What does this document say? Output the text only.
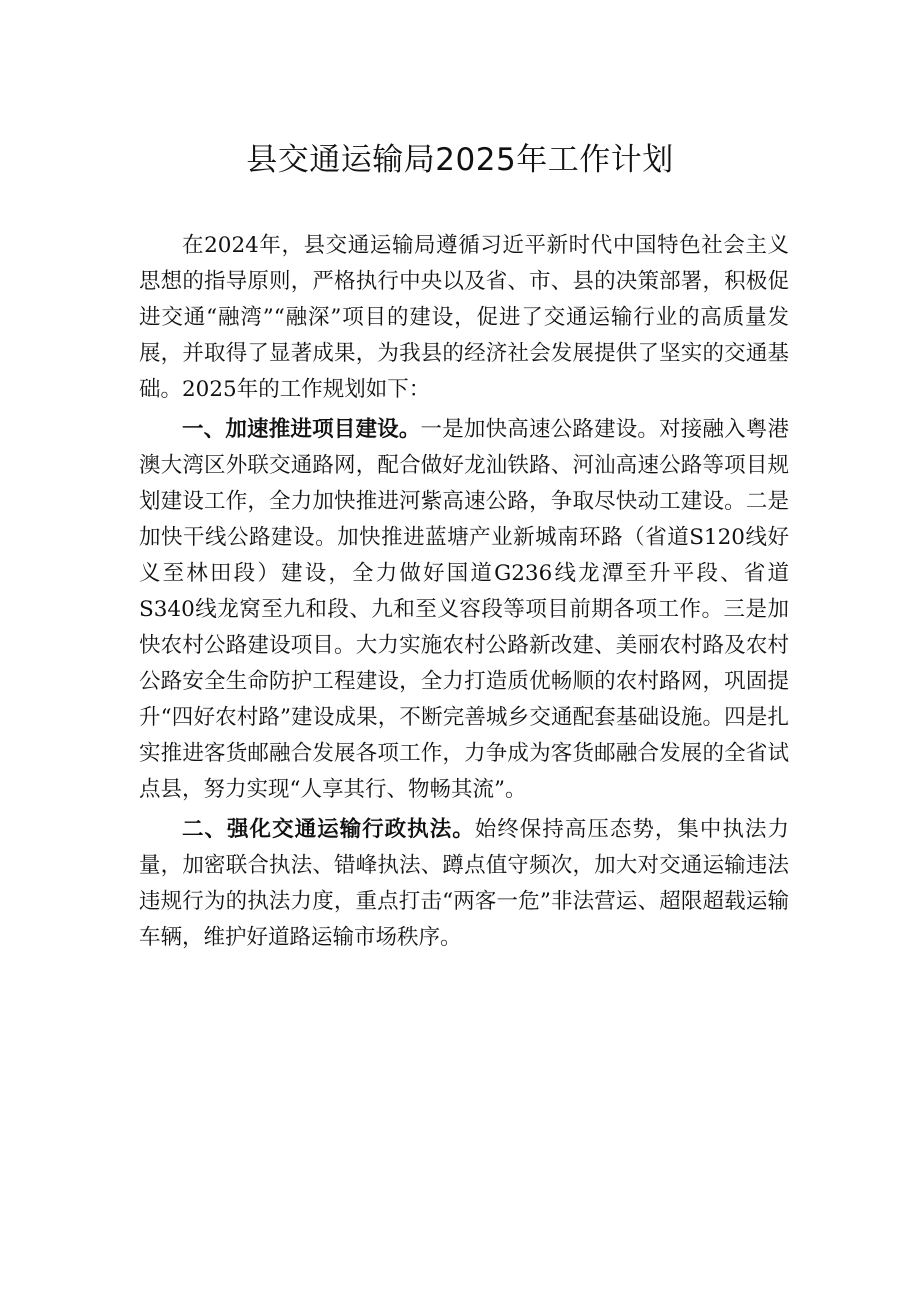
县交通运输局2025年工作计划

在2024年，县交通运输局遵循习近平新时代中国特色社会主义思想的指导原则，严格执行中央以及省、市、县的决策部署，积极促进交通“融湾”“融深”项目的建设，促进了交通运输行业的高质量发展，并取得了显著成果，为我县的经济社会发展提供了坚实的交通基础。2025年的工作规划如下：

一、加速推进项目建设。一是加快高速公路建设。对接融入粤港澳大湾区外联交通路网，配合做好龙汕铁路、河汕高速公路等项目规划建设工作，全力加快推进河紫高速公路，争取尽快动工建设。二是加快干线公路建设。加快推进蓝塘产业新城南环路（省道S120线好义至林田段）建设，全力做好国道G236线龙潭至升平段、省道S340线龙窝至九和段、九和至义容段等项目前期各项工作。三是加快农村公路建设项目。大力实施农村公路新改建、美丽农村路及农村公路安全生命防护工程建设，全力打造质优畅顺的农村路网，巩固提升“四好农村路”建设成果，不断完善城乡交通配套基础设施。四是扎实推进客货邮融合发展各项工作，力争成为客货邮融合发展的全省试点县，努力实现“人享其行、物畅其流”。

二、强化交通运输行政执法。始终保持高压态势，集中执法力量，加密联合执法、错峰执法、蹲点值守频次，加大对交通运输违法违规行为的执法力度，重点打击“两客一危”非法营运、超限超载运输车辆，维护好道路运输市场秩序。
